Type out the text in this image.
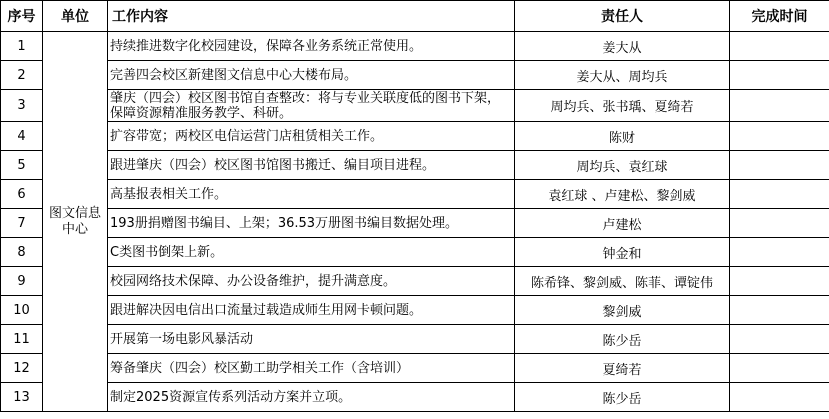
序号	单位	工作内容	责任人	完成时间
1	图文信息中心	持续推进数字化校园建设，保障各业务系统正常使用。	姜大从	
2		完善四会校区新建图文信息中心大楼布局。	姜大从、周均兵	
3		肇庆（四会）校区图书馆自查整改：将与专业关联度低的图书下架，保障资源精准服务教学、科研。	周均兵、张书瑀、夏绮若	
4		扩容带宽；两校区电信运营门店租赁相关工作。	陈财	
5		跟进肇庆（四会）校区图书馆图书搬迁、编目项目进程。	周均兵、袁红球	
6		高基报表相关工作。	袁红球 、卢建松、黎剑威	
7		193册捐赠图书编目、上架；36.53万册图书编目数据处理。	卢建松	
8		C类图书倒架上新。	钟金和	
9		校园网络技术保障、办公设备维护，提升满意度。	陈希锋、黎剑威、陈菲、谭锭伟	
10		跟进解决因电信出口流量过载造成师生用网卡顿问题。	黎剑威	
11		开展第一场电影风暴活动	陈少岳	
12		筹备肇庆（四会）校区勤工助学相关工作（含培训）	夏绮若	
13		制定2025资源宣传系列活动方案并立项。	陈少岳	
